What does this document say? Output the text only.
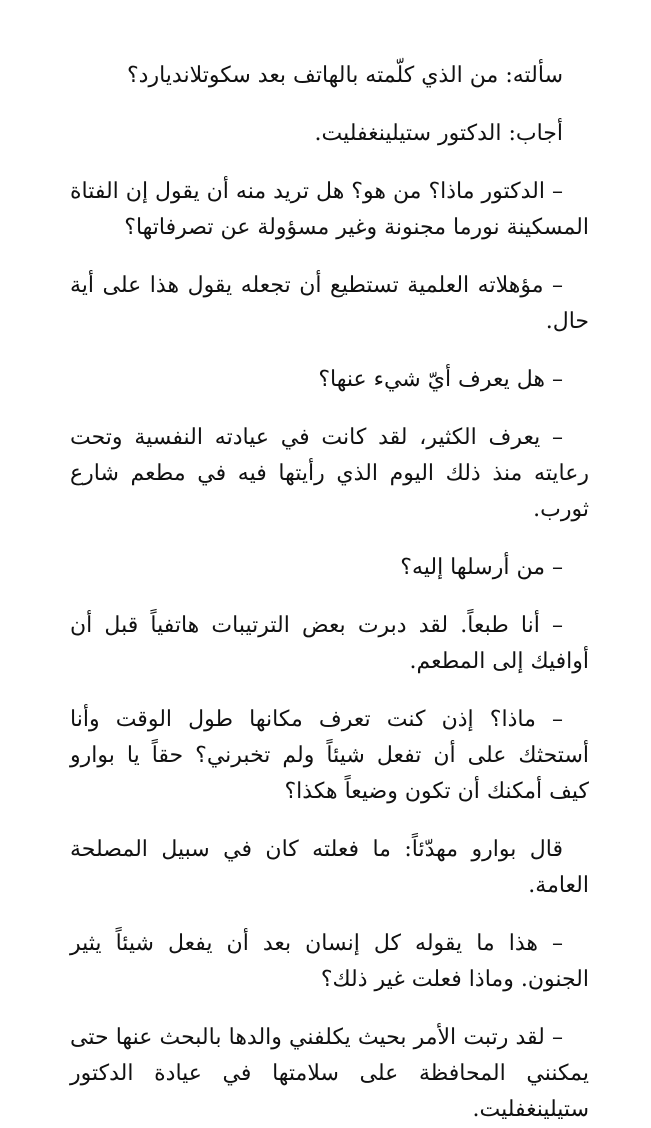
سألته: من الذي كلّمته بالهاتف بعد سكوتلانديارد؟

أجاب: الدكتور ستيلينغفليت.

– الدكتور ماذا؟ من هو؟ هل تريد منه أن يقول إن الفتاة المسكينة نورما مجنونة وغير مسؤولة عن تصرفاتها؟

– مؤهلاته العلمية تستطيع أن تجعله يقول هذا على أية حال.

– هل يعرف أيّ شيء عنها؟

– يعرف الكثير، لقد كانت في عيادته النفسية وتحت رعايته منذ ذلك اليوم الذي رأيتها فيه في مطعم شارع ثورب.

– من أرسلها إليه؟

– أنا طبعاً. لقد دبرت بعض الترتيبات هاتفياً قبل أن أوافيك إلى المطعم.

– ماذا؟ إذن كنت تعرف مكانها طول الوقت وأنا أستحثك على أن تفعل شيئاً ولم تخبرني؟ حقاً يا بوارو كيف أمكنك أن تكون وضيعاً هكذا؟

قال بوارو مهدّئاً: ما فعلته كان في سبيل المصلحة العامة.

– هذا ما يقوله كل إنسان بعد أن يفعل شيئاً يثير الجنون. وماذا فعلت غير ذلك؟

– لقد رتبت الأمر بحيث يكلفني والدها بالبحث عنها حتى يمكنني المحافظة على سلامتها في عيادة الدكتور ستيلينغفليت.
